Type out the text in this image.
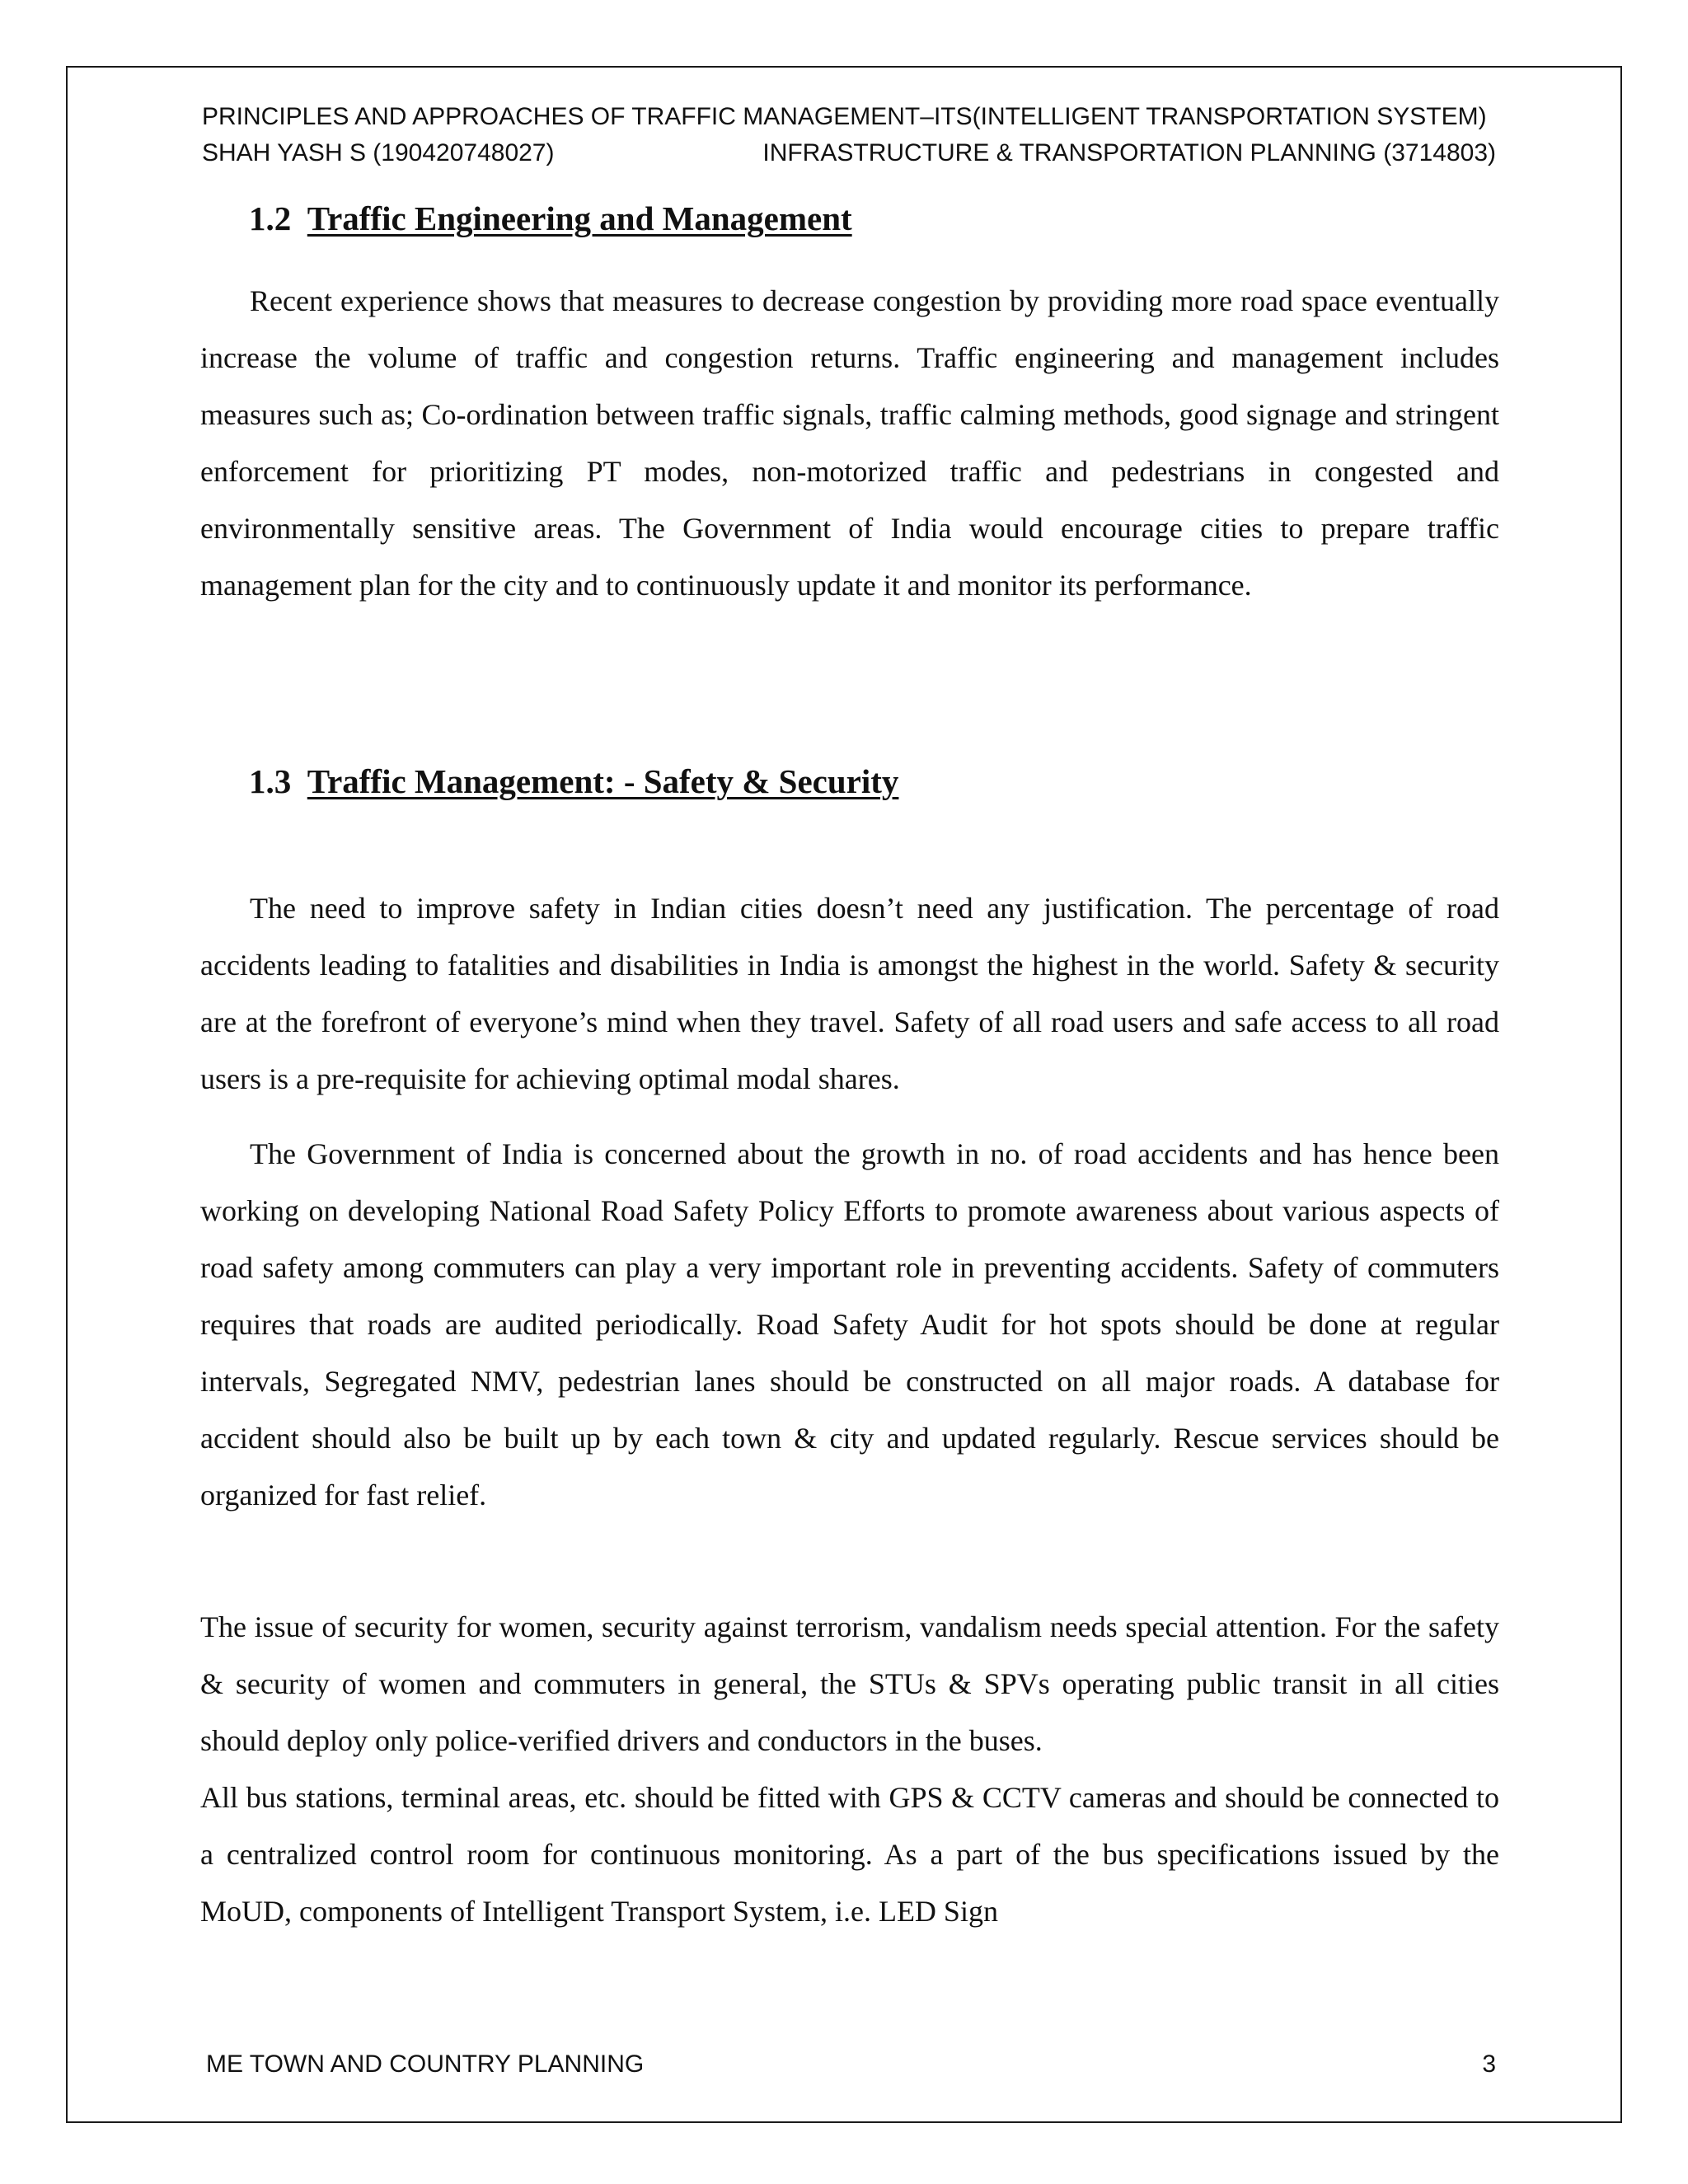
PRINCIPLES AND APPROACHES OF TRAFFIC MANAGEMENT–ITS(INTELLIGENT TRANSPORTATION SYSTEM)
SHAH YASH S (190420748027)	INFRASTRUCTURE & TRANSPORTATION PLANNING (3714803)
1.2 Traffic Engineering and Management

Recent experience shows that measures to decrease congestion by providing more road space eventually increase the volume of traffic and congestion returns. Traffic engineering and management includes measures such as; Co-ordination between traffic signals, traffic calming methods, good signage and stringent enforcement for prioritizing PT modes, non-motorized traffic and pedestrians in congested and environmentally sensitive areas. The Government of India would encourage cities to prepare traffic management plan for the city and to continuously update it and monitor its performance.

1.3 Traffic Management: - Safety & Security

The need to improve safety in Indian cities doesn’t need any justification. The percentage of road accidents leading to fatalities and disabilities in India is amongst the highest in the world. Safety & security are at the forefront of everyone’s mind when they travel. Safety of all road users and safe access to all road users is a pre-requisite for achieving optimal modal shares.

The Government of India is concerned about the growth in no. of road accidents and has hence been working on developing National Road Safety Policy Efforts to promote awareness about various aspects of road safety among commuters can play a very important role in preventing accidents. Safety of commuters requires that roads are audited periodically. Road Safety Audit for hot spots should be done at regular intervals, Segregated NMV, pedestrian lanes should be constructed on all major roads. A database for accident should also be built up by each town & city and updated regularly. Rescue services should be organized for fast relief.

The issue of security for women, security against terrorism, vandalism needs special attention. For the safety & security of women and commuters in general, the STUs & SPVs operating public transit in all cities should deploy only police-verified drivers and conductors in the buses.

All bus stations, terminal areas, etc. should be fitted with GPS & CCTV cameras and should be connected to a centralized control room for continuous monitoring. As a part of the bus specifications issued by the MoUD, components of Intelligent Transport System, i.e. LED Sign

ME TOWN AND COUNTRY PLANNING	3
